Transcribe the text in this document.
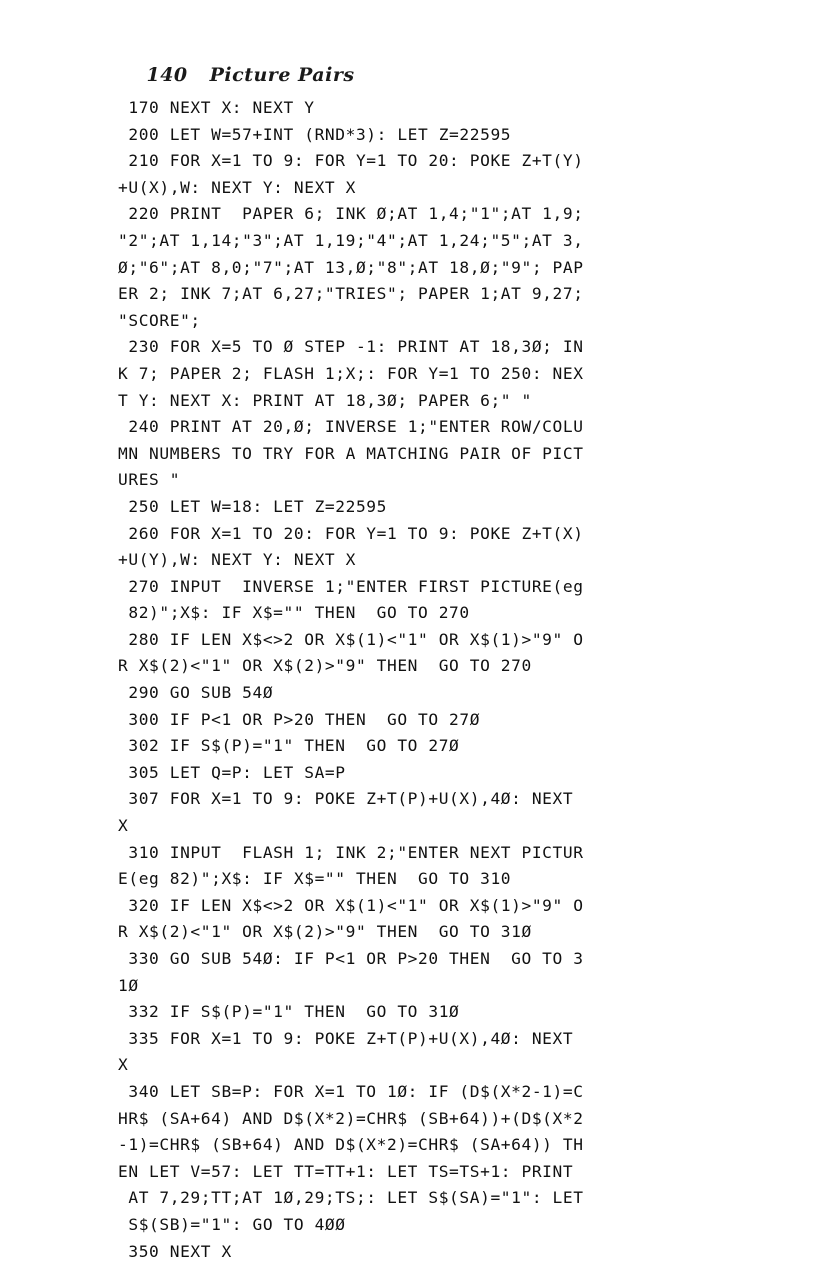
140 Picture Pairs

170 NEXT X: NEXT Y
200 LET W=57+INT (RND*3): LET Z=22595
210 FOR X=1 TO 9: FOR Y=1 TO 20: POKE Z+T(Y)
+U(X),W: NEXT Y: NEXT X
220 PRINT  PAPER 6; INK Ø;AT 1,4;"1";AT 1,9;
"2";AT 1,14;"3";AT 1,19;"4";AT 1,24;"5";AT 3,
Ø;"6";AT 8,0;"7";AT 13,Ø;"8";AT 18,Ø;"9"; PAP
ER 2; INK 7;AT 6,27;"TRIES"; PAPER 1;AT 9,27;
"SCORE";
230 FOR X=5 TO Ø STEP -1: PRINT AT 18,3Ø; IN
K 7; PAPER 2; FLASH 1;X;: FOR Y=1 TO 250: NEX
T Y: NEXT X: PRINT AT 18,3Ø; PAPER 6;" "
240 PRINT AT 20,Ø; INVERSE 1;"ENTER ROW/COLU
MN NUMBERS TO TRY FOR A MATCHING PAIR OF PICT
URES "
250 LET W=18: LET Z=22595
260 FOR X=1 TO 20: FOR Y=1 TO 9: POKE Z+T(X)
+U(Y),W: NEXT Y: NEXT X
270 INPUT  INVERSE 1;"ENTER FIRST PICTURE(eg
82)";X$: IF X$="" THEN  GO TO 270
280 IF LEN X$<>2 OR X$(1)<"1" OR X$(1)>"9" O
R X$(2)<"1" OR X$(2)>"9" THEN  GO TO 270
290 GO SUB 54Ø
300 IF P<1 OR P>20 THEN  GO TO 27Ø
302 IF S$(P)="1" THEN  GO TO 27Ø
305 LET Q=P: LET SA=P
307 FOR X=1 TO 9: POKE Z+T(P)+U(X),4Ø: NEXT
X
310 INPUT  FLASH 1; INK 2;"ENTER NEXT PICTUR
E(eg 82)";X$: IF X$="" THEN  GO TO 310
320 IF LEN X$<>2 OR X$(1)<"1" OR X$(1)>"9" O
R X$(2)<"1" OR X$(2)>"9" THEN  GO TO 31Ø
330 GO SUB 54Ø: IF P<1 OR P>20 THEN  GO TO 3
1Ø
332 IF S$(P)="1" THEN  GO TO 31Ø
335 FOR X=1 TO 9: POKE Z+T(P)+U(X),4Ø: NEXT
X
340 LET SB=P: FOR X=1 TO 1Ø: IF (D$(X*2-1)=C
HR$ (SA+64) AND D$(X*2)=CHR$ (SB+64))+(D$(X*2
-1)=CHR$ (SB+64) AND D$(X*2)=CHR$ (SA+64)) TH
EN LET V=57: LET TT=TT+1: LET TS=TS+1: PRINT
AT 7,29;TT;AT 1Ø,29;TS;: LET S$(SA)="1": LET
S$(SB)="1": GO TO 4ØØ
350 NEXT X
